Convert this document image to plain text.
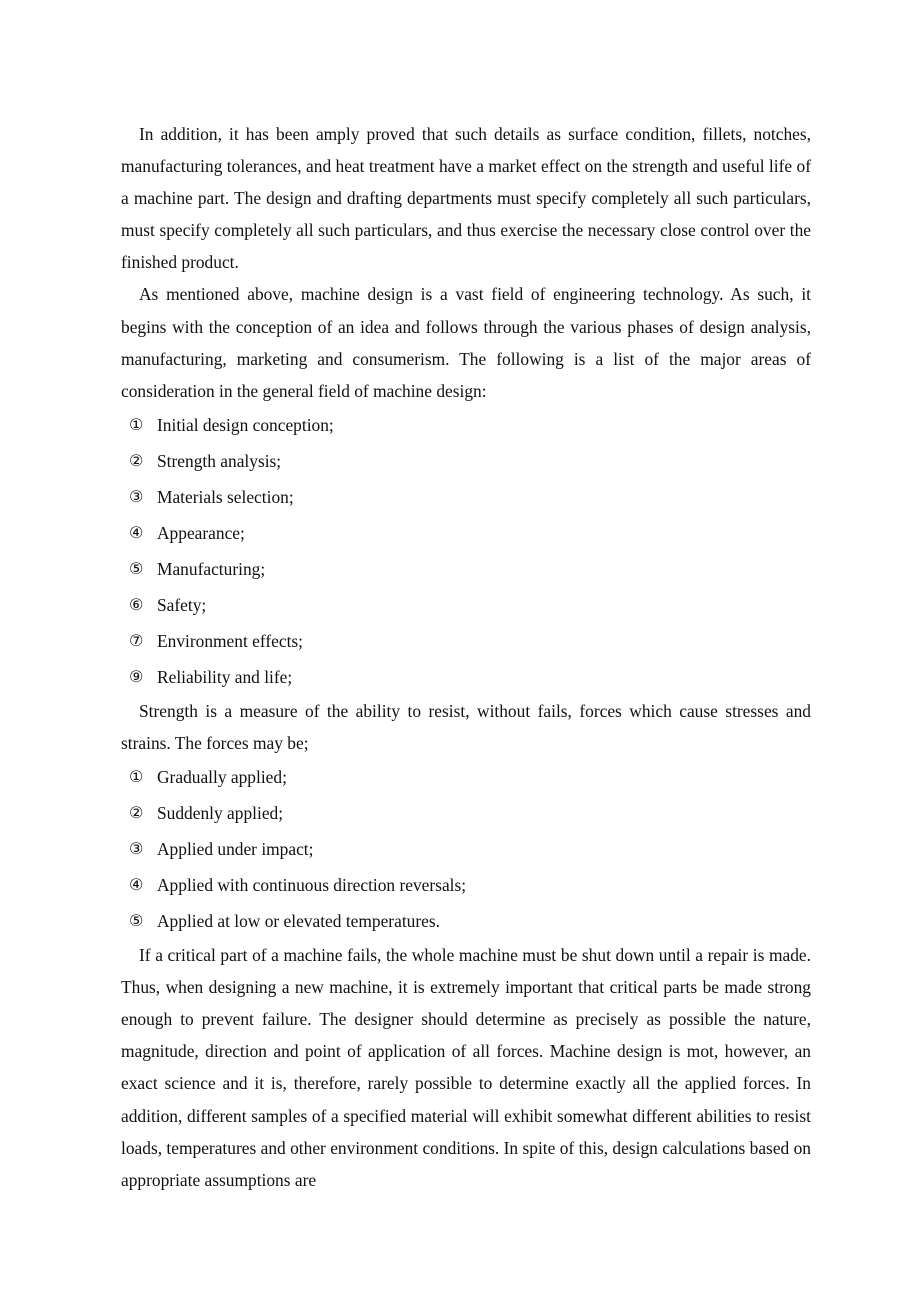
In addition, it has been amply proved that such details as surface condition, fillets, notches, manufacturing tolerances, and heat treatment have a market effect on the strength and useful life of a machine part. The design and drafting departments must specify completely all such particulars, must specify completely all such particulars, and thus exercise the necessary close control over the finished product.

As mentioned above, machine design is a vast field of engineering technology. As such, it begins with the conception of an idea and follows through the various phases of design analysis, manufacturing, marketing and consumerism. The following is a list of the major areas of consideration in the general field of machine design:

① Initial design conception;
② Strength analysis;
③ Materials selection;
④ Appearance;
⑤ Manufacturing;
⑥ Safety;
⑦ Environment effects;
⑨ Reliability and life;

Strength is a measure of the ability to resist, without fails, forces which cause stresses and strains. The forces may be;

① Gradually applied;
② Suddenly applied;
③ Applied under impact;
④ Applied with continuous direction reversals;
⑤ Applied at low or elevated temperatures.

If a critical part of a machine fails, the whole machine must be shut down until a repair is made. Thus, when designing a new machine, it is extremely important that critical parts be made strong enough to prevent failure. The designer should determine as precisely as possible the nature, magnitude, direction and point of application of all forces. Machine design is mot, however, an exact science and it is, therefore, rarely possible to determine exactly all the applied forces. In addition, different samples of a specified material will exhibit somewhat different abilities to resist loads, temperatures and other environment conditions. In spite of this, design calculations based on appropriate assumptions are
